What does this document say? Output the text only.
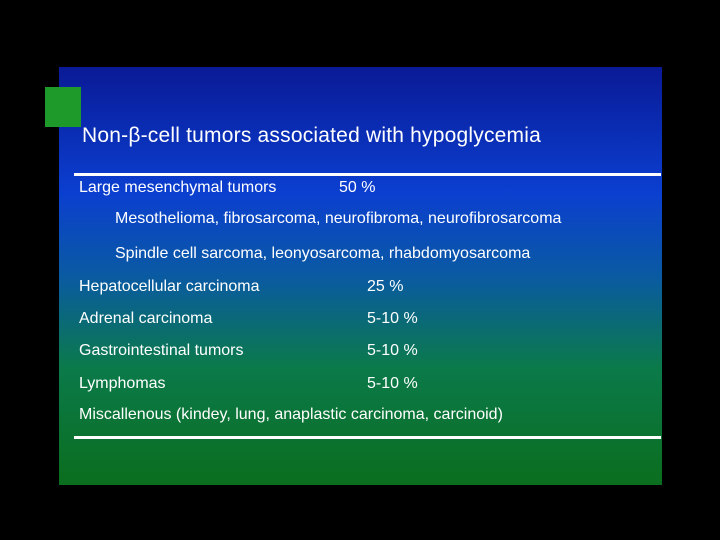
Non-β-cell tumors associated with hypoglycemia
Large mesenchymal tumors	50 %
Mesothelioma, fibrosarcoma, neurofibroma, neurofibrosarcoma
Spindle cell sarcoma, leonyosarcoma, rhabdomyosarcoma
Hepatocellular carcinoma	25 %
Adrenal carcinoma	5-10 %
Gastrointestinal tumors	5-10 %
Lymphomas	5-10 %
Miscallenous (kindey, lung, anaplastic carcinoma, carcinoid)
